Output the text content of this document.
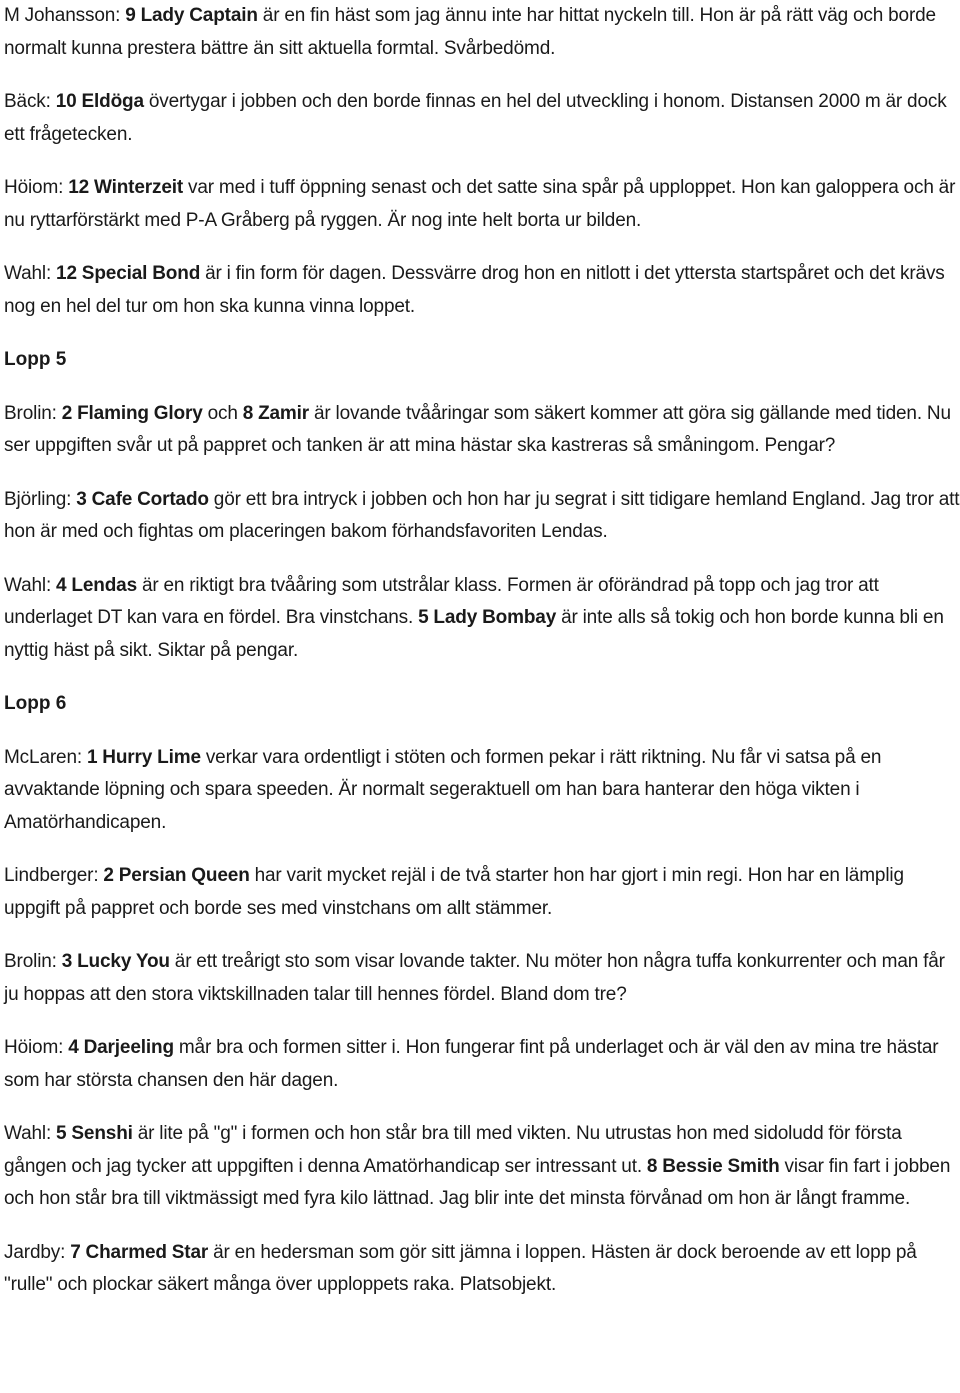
M Johansson: 9 Lady Captain är en fin häst som jag ännu inte har hittat nyckeln till. Hon är på rätt väg och borde normalt kunna prestera bättre än sitt aktuella formtal. Svårbedömd.

Bäck: 10 Eldöga övertygar i jobben och den borde finnas en hel del utveckling i honom. Distansen 2000 m är dock ett frågetecken.

Höiom: 12 Winterzeit var med i tuff öppning senast och det satte sina spår på upploppet. Hon kan galoppera och är nu ryttarförstärkt med P-A Gråberg på ryggen. Är nog inte helt borta ur bilden.

Wahl: 12 Special Bond är i fin form för dagen. Dessvärre drog hon en nitlott i det yttersta startspåret och det krävs nog en hel del tur om hon ska kunna vinna loppet.

Lopp 5

Brolin: 2 Flaming Glory och 8 Zamir är lovande tvååringar som säkert kommer att göra sig gällande med tiden. Nu ser uppgiften svår ut på pappret och tanken är att mina hästar ska kastreras så småningom. Pengar?

Björling: 3 Cafe Cortado gör ett bra intryck i jobben och hon har ju segrat i sitt tidigare hemland England. Jag tror att hon är med och fightas om placeringen bakom förhandsfavoriten Lendas.

Wahl: 4 Lendas är en riktigt bra tvååring som utstrålar klass. Formen är oförändrad på topp och jag tror att underlaget DT kan vara en fördel. Bra vinstchans. 5 Lady Bombay är inte alls så tokig och hon borde kunna bli en nyttig häst på sikt. Siktar på pengar.

Lopp 6

McLaren: 1 Hurry Lime verkar vara ordentligt i stöten och formen pekar i rätt riktning. Nu får vi satsa på en avvaktande löpning och spara speeden. Är normalt segeraktuell om han bara hanterar den höga vikten i Amatörhandicapen.

Lindberger: 2 Persian Queen har varit mycket rejäl i de två starter hon har gjort i min regi. Hon har en lämplig uppgift på pappret och borde ses med vinstchans om allt stämmer.

Brolin: 3 Lucky You är ett treårigt sto som visar lovande takter. Nu möter hon några tuffa konkurrenter och man får ju hoppas att den stora viktskillnaden talar till hennes fördel. Bland dom tre?

Höiom: 4 Darjeeling mår bra och formen sitter i. Hon fungerar fint på underlaget och är väl den av mina tre hästar som har största chansen den här dagen.

Wahl: 5 Senshi är lite på "g" i formen och hon står bra till med vikten. Nu utrustas hon med sidoludd för första gången och jag tycker att uppgiften i denna Amatörhandicap ser intressant ut. 8 Bessie Smith visar fin fart i jobben och hon står bra till viktmässigt med fyra kilo lättnad. Jag blir inte det minsta förvånad om hon är långt framme.

Jardby: 7 Charmed Star är en hedersman som gör sitt jämna i loppen. Hästen är dock beroende av ett lopp på "rulle" och plockar säkert många över upploppets raka. Platsobjekt.
